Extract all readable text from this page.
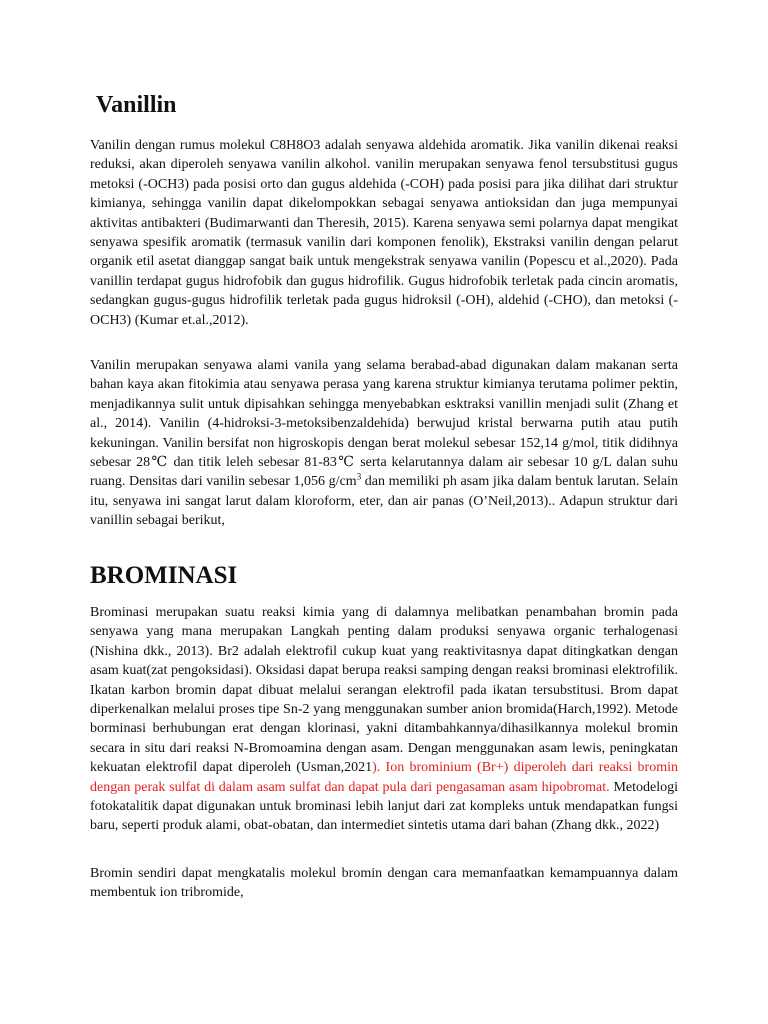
Vanillin

Vanilin dengan rumus molekul C8H8O3 adalah senyawa aldehida aromatik. Jika vanilin dikenai reaksi reduksi, akan diperoleh senyawa vanilin alkohol. vanilin merupakan senyawa fenol tersubstitusi gugus metoksi (-OCH3) pada posisi orto dan gugus aldehida (-COH) pada posisi para jika dilihat dari struktur kimianya, sehingga vanilin dapat dikelompokkan sebagai senyawa antioksidan dan juga mempunyai aktivitas antibakteri (Budimarwanti dan Theresih, 2015). Karena senyawa semi polarnya dapat mengikat senyawa spesifik aromatik (termasuk vanilin dari komponen fenolik), Ekstraksi vanilin dengan pelarut organik etil asetat dianggap sangat baik untuk mengekstrak senyawa vanilin (Popescu et al.,2020). Pada vanillin terdapat gugus hidrofobik dan gugus hidrofilik. Gugus hidrofobik terletak pada cincin aromatis, sedangkan gugus-gugus hidrofilik terletak pada gugus hidroksil (-OH), aldehid (-CHO), dan metoksi (-OCH3) (Kumar et.al.,2012).

Vanilin merupakan senyawa alami vanila yang selama berabad-abad digunakan dalam makanan serta bahan kaya akan fitokimia atau senyawa perasa yang karena struktur kimianya terutama polimer pektin, menjadikannya sulit untuk dipisahkan sehingga menyebabkan esktraksi vanillin menjadi sulit (Zhang et al., 2014). Vanilin (4-hidroksi-3-metoksibenzaldehida) berwujud kristal berwarna putih atau putih kekuningan. Vanilin bersifat non higroskopis dengan berat molekul sebesar 152,14 g/mol, titik didihnya sebesar 28℃ dan titik leleh sebesar 81-83℃ serta kelarutannya dalam air sebesar 10 g/L dalan suhu ruang. Densitas dari vanilin sebesar 1,056 $g/cm^3$ dan memiliki ph asam jika dalam bentuk larutan. Selain itu, senyawa ini sangat larut dalam kloroform, eter, dan air panas (O’Neil,2013).. Adapun struktur dari vanillin sebagai berikut,

BROMINASI

Brominasi merupakan suatu reaksi kimia yang di dalamnya melibatkan penambahan bromin pada senyawa yang mana merupakan Langkah penting dalam produksi senyawa organic terhalogenasi (Nishina dkk., 2013). Br2 adalah elektrofil cukup kuat yang reaktivitasnya dapat ditingkatkan dengan asam kuat(zat pengoksidasi). Oksidasi dapat berupa reaksi samping dengan reaksi brominasi elektrofilik. Ikatan karbon bromin dapat dibuat melalui serangan elektrofil pada ikatan tersubstitusi. Brom dapat diperkenalkan melalui proses tipe Sn-2 yang menggunakan sumber anion bromida(Harch,1992). Metode borminasi berhubungan erat dengan klorinasi, yakni ditambahkannya/dihasilkannya molekul bromin secara in situ dari reaksi N-Bromoamina dengan asam. Dengan menggunakan asam lewis, peningkatan kekuatan elektrofil dapat diperoleh (Usman,2021). Ion brominium (Br+) diperoleh dari reaksi bromin dengan perak sulfat di dalam asam sulfat dan dapat pula dari pengasaman asam hipobromat. Metodelogi fotokatalitik dapat digunakan untuk brominasi lebih lanjut dari zat kompleks untuk mendapatkan fungsi baru, seperti produk alami, obat-obatan, dan intermediet sintetis utama dari bahan (Zhang dkk., 2022)

Bromin sendiri dapat mengkatalis molekul bromin dengan cara memanfaatkan kemampuannya dalam membentuk ion tribromide,
